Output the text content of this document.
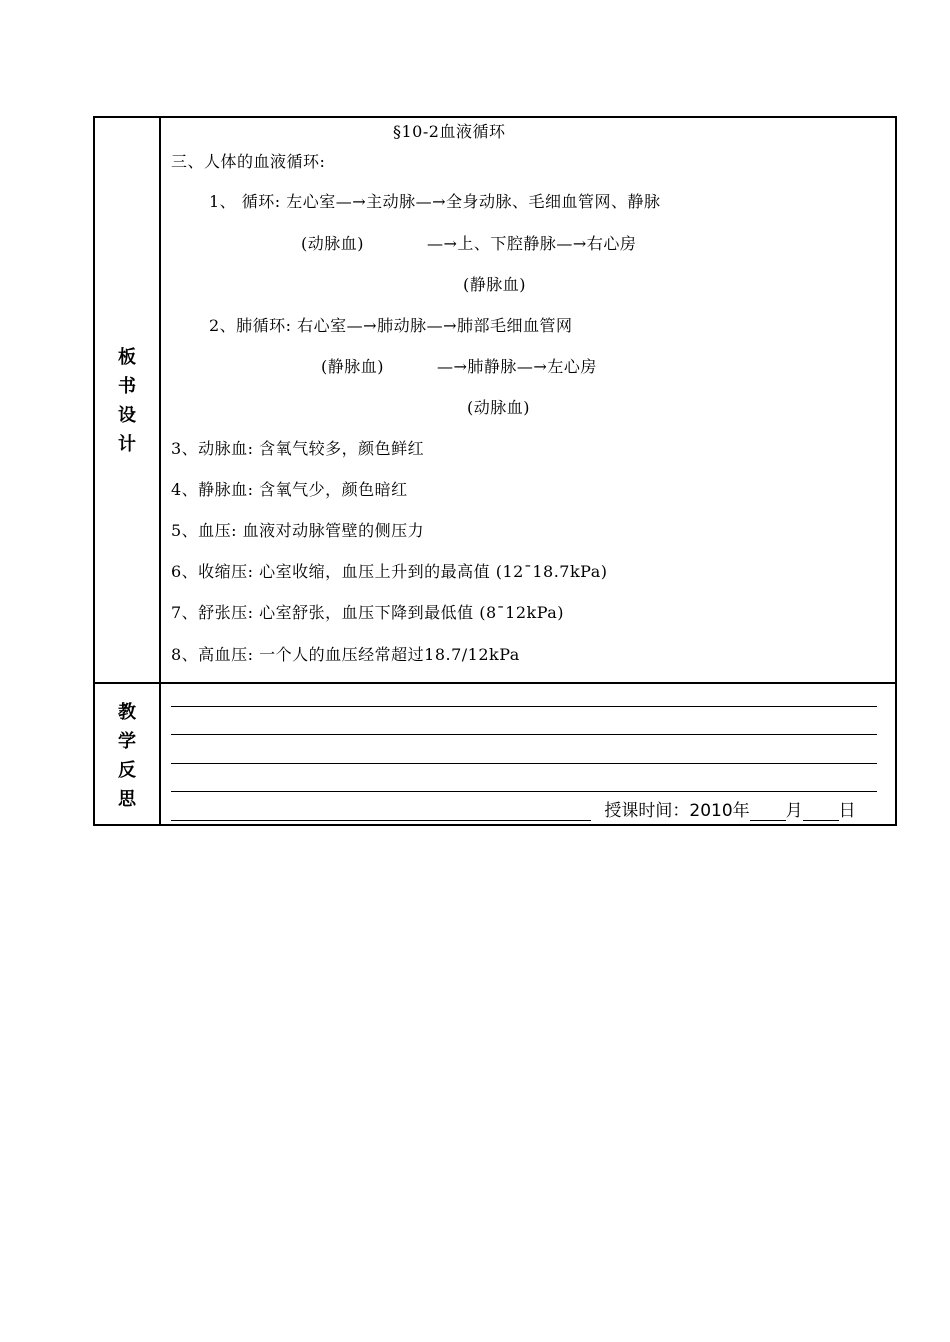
板
书
设
计
§10-2血液循环
三、人体的血液循环:
1、 循环: 左心室—→主动脉—→全身动脉、毛细血管网、静脉
(动脉血)	—→上、下腔静脉—→右心房
(静脉血)
2、肺循环: 右心室—→肺动脉—→肺部毛细血管网
(静脉血)	—→肺静脉—→左心房
(动脉血)
3、动脉血: 含氧气较多，颜色鲜红
4、静脉血: 含氧气少，颜色暗红
5、血压: 血液对动脉管壁的侧压力
6、收缩压: 心室收缩，血压上升到的最高值 (12¯18.7kPa)
7、舒张压: 心室舒张，血压下降到最低值 (8¯12kPa)
8、高血压: 一个人的血压经常超过18.7/12kPa
教
学
反
思
授课时间：2010年 月 日
